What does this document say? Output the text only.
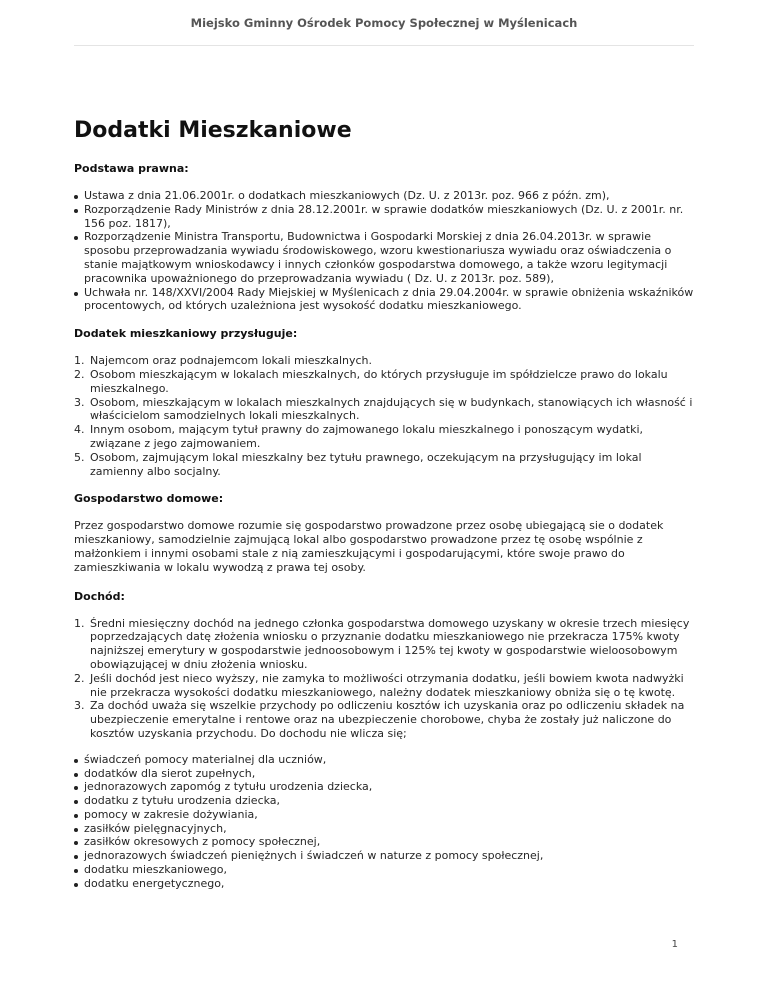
Miejsko Gminny Ośrodek Pomocy Społecznej w Myślenicach
Dodatki Mieszkaniowe
Podstawa prawna:
Ustawa z dnia 21.06.2001r. o dodatkach mieszkaniowych (Dz. U. z 2013r. poz. 966 z późn. zm),
Rozporządzenie Rady Ministrów z dnia 28.12.2001r. w sprawie dodatków mieszkaniowych (Dz. U. z 2001r. nr. 156 poz. 1817),
Rozporządzenie Ministra Transportu, Budownictwa i Gospodarki Morskiej z dnia 26.04.2013r. w sprawie sposobu przeprowadzania wywiadu środowiskowego, wzoru kwestionariusza wywiadu oraz oświadczenia o stanie majątkowym wnioskodawcy i innych członków gospodarstwa domowego, a także wzoru legitymacji pracownika upoważnionego do przeprowadzania wywiadu ( Dz. U. z 2013r. poz. 589),
Uchwała nr. 148/XXVI/2004 Rady Miejskiej w Myślenicach z dnia 29.04.2004r. w sprawie obniżenia wskaźników procentowych, od których uzależniona jest wysokość dodatku mieszkaniowego.
Dodatek mieszkaniowy przysługuje:
1. Najemcom oraz podnajemcom lokali mieszkalnych.
2. Osobom mieszkającym w lokalach mieszkalnych, do których przysługuje im spółdzielcze prawo do lokalu mieszkalnego.
3. Osobom, mieszkającym w lokalach mieszkalnych znajdujących się w budynkach, stanowiących ich własność i właścicielom samodzielnych lokali mieszkalnych.
4. Innym osobom, mającym tytuł prawny do zajmowanego lokalu mieszkalnego i ponoszącym wydatki, związane z jego zajmowaniem.
5. Osobom, zajmującym lokal mieszkalny bez tytułu prawnego, oczekującym na przysługujący im lokal zamienny albo socjalny.
Gospodarstwo domowe:

Przez gospodarstwo domowe rozumie się gospodarstwo prowadzone przez osobę ubiegającą sie o dodatek mieszkaniowy, samodzielnie zajmującą lokal albo gospodarstwo prowadzone przez tę osobę wspólnie z małżonkiem i innymi osobami stale z nią zamieszkującymi i gospodarującymi, które swoje prawo do zamieszkiwania w lokalu wywodzą z prawa tej osoby.

Dochód:
1. Średni miesięczny dochód na jednego członka gospodarstwa domowego uzyskany w okresie trzech miesięcy poprzedzających datę złożenia wniosku o przyznanie dodatku mieszkaniowego nie przekracza 175% kwoty najniższej emerytury w gospodarstwie jednoosobowym i 125% tej kwoty w gospodarstwie wieloosobowym obowiązującej w dniu złożenia wniosku.
2. Jeśli dochód jest nieco wyższy, nie zamyka to możliwości otrzymania dodatku, jeśli bowiem kwota nadwyżki nie przekracza wysokości dodatku mieszkaniowego, należny dodatek mieszkaniowy obniża się o tę kwotę.
3. Za dochód uważa się wszelkie przychody po odliczeniu kosztów ich uzyskania oraz po odliczeniu składek na ubezpieczenie emerytalne i rentowe oraz na ubezpieczenie chorobowe, chyba że zostały już naliczone do kosztów uzyskania przychodu. Do dochodu nie wlicza się;
świadczeń pomocy materialnej dla uczniów,
dodatków dla sierot zupełnych,
jednorazowych zapomóg z tytułu urodzenia dziecka,
dodatku z tytułu urodzenia dziecka,
pomocy w zakresie dożywiania,
zasiłków pielęgnacyjnych,
zasiłków okresowych z pomocy społecznej,
jednorazowych świadczeń pieniężnych i świadczeń w naturze z pomocy społecznej,
dodatku mieszkaniowego,
dodatku energetycznego,
1
